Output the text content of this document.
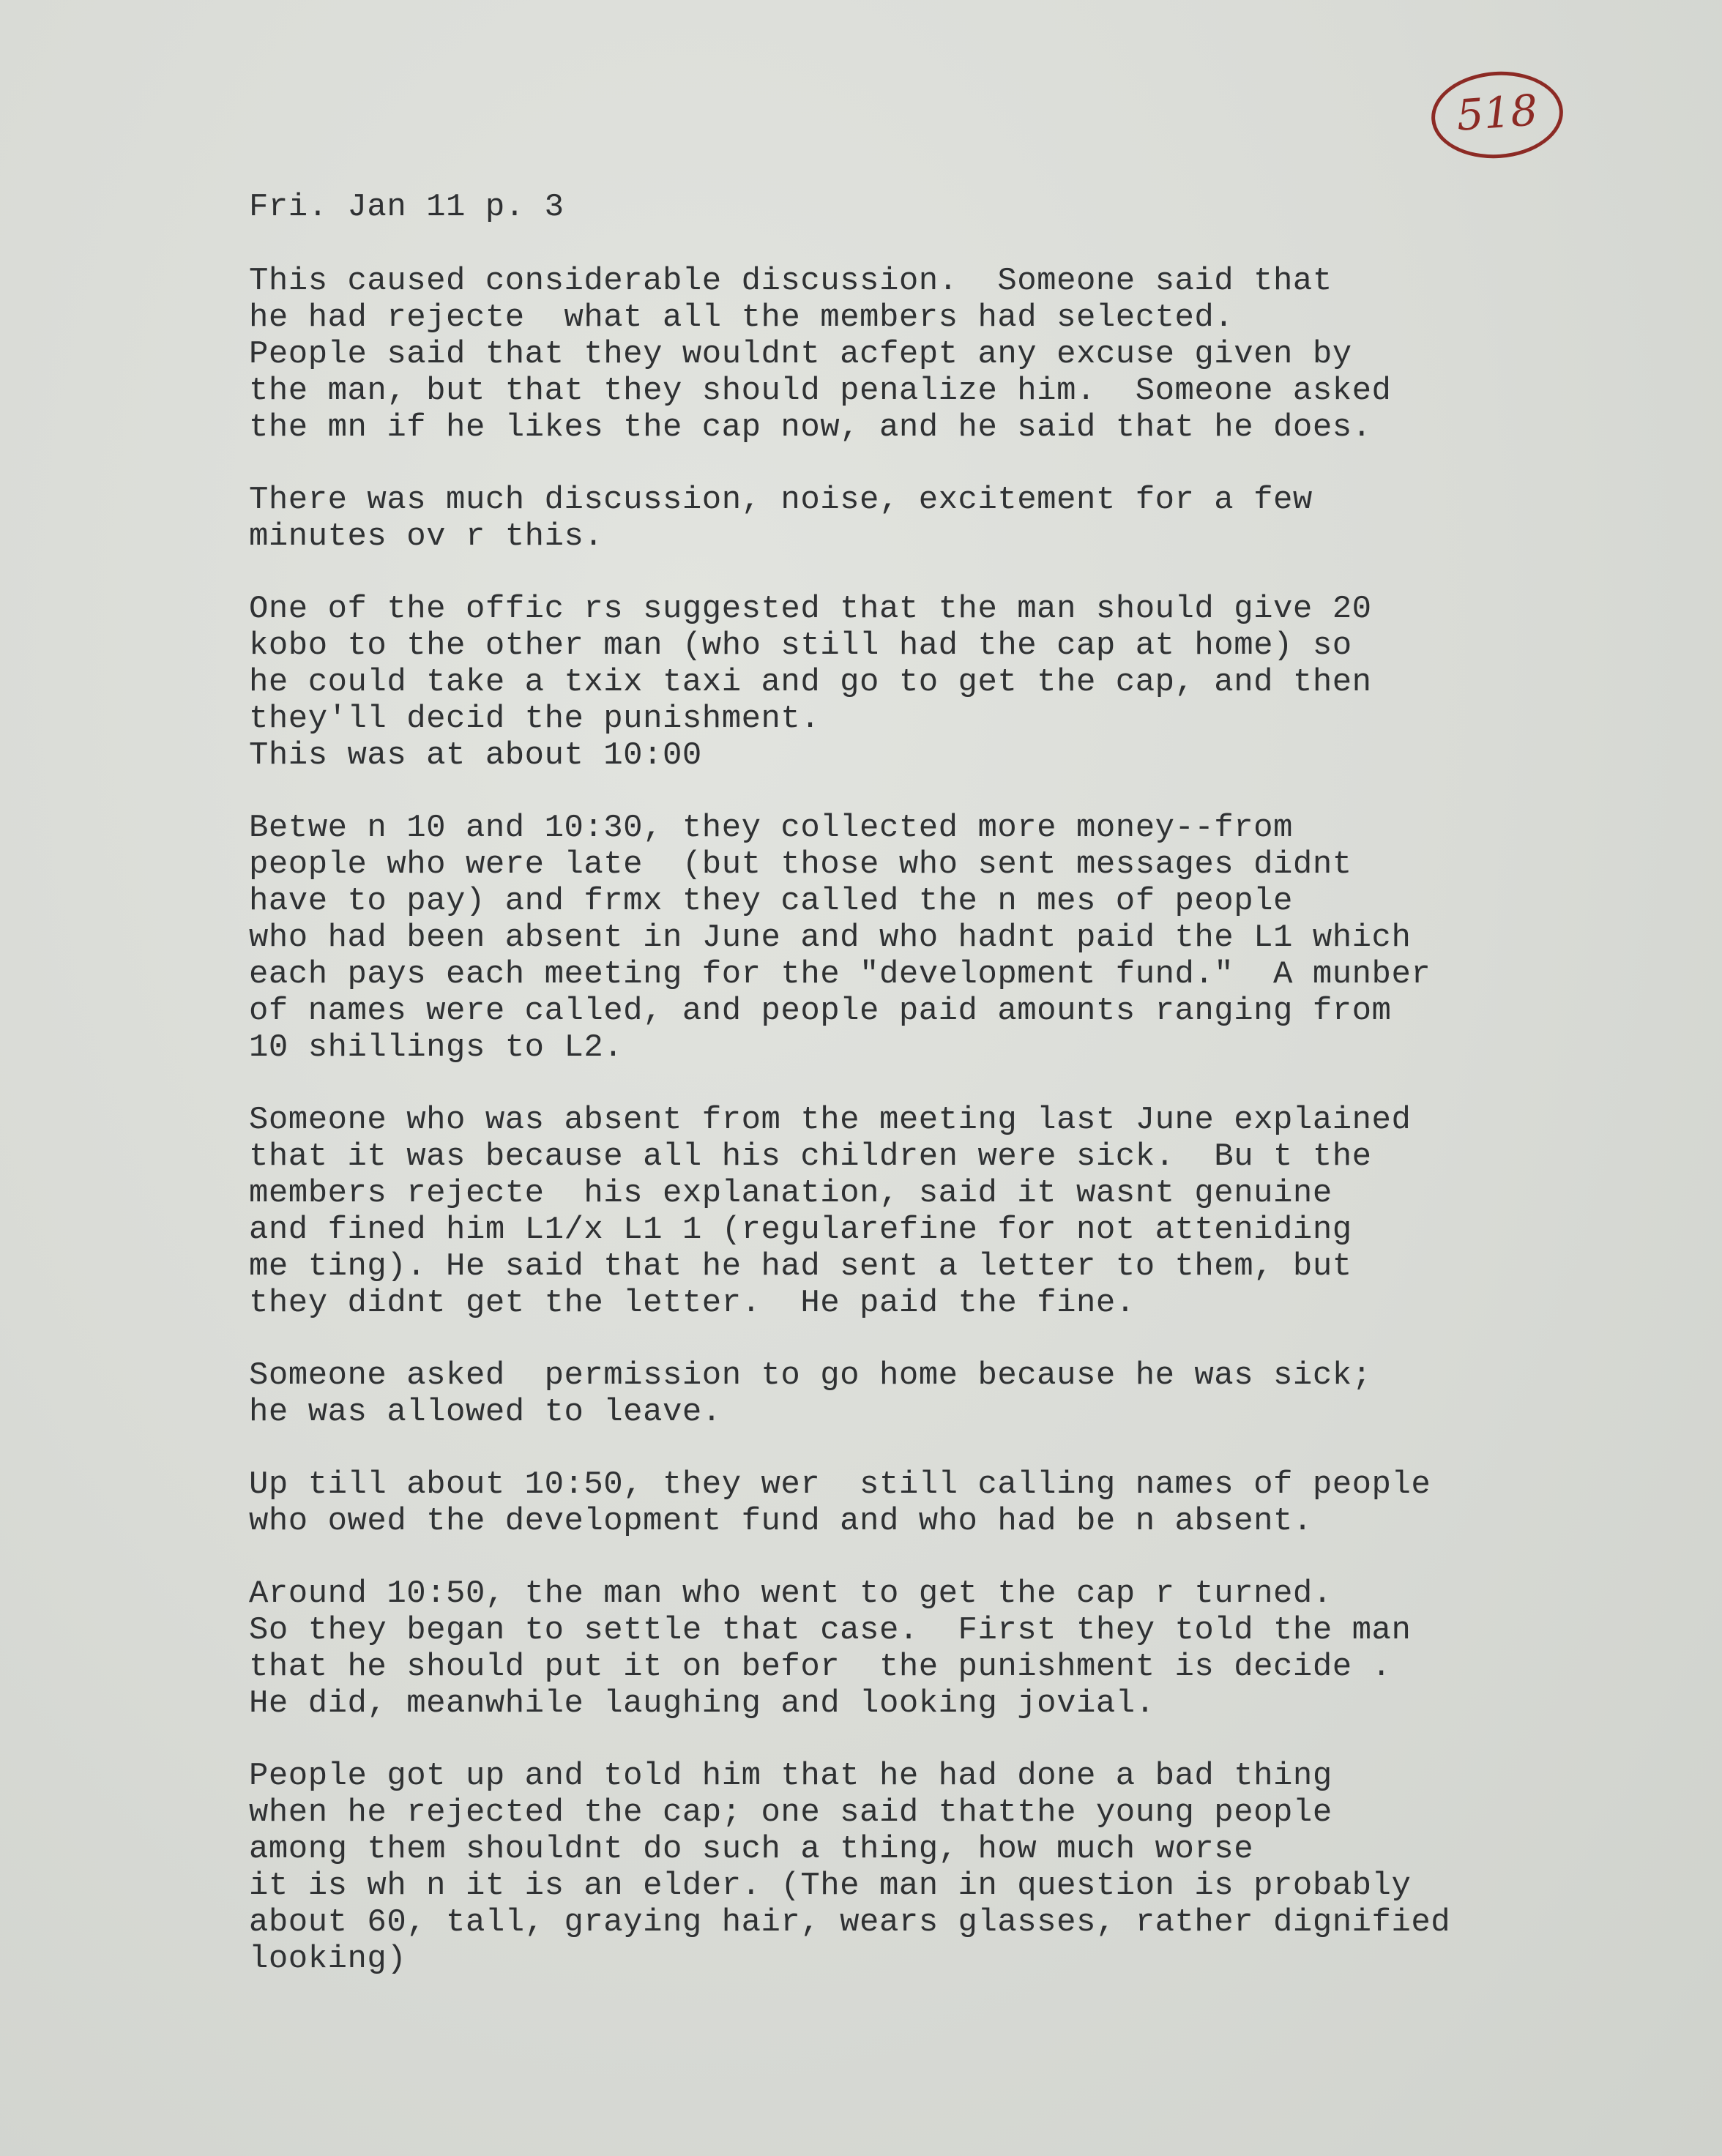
518
Fri. Jan 11 p. 3
This caused considerable discussion.  Someone said that
he had rejecte  what all the members had selected.
People said that they wouldnt acfept any excuse given by
the man, but that they should penalize him.  Someone asked
the mn if he likes the cap now, and he said that he does.
There was much discussion, noise, excitement for a few
minutes ov r this.
One of the offic rs suggested that the man should give 20
kobo to the other man (who still had the cap at home) so
he could take a txix taxi and go to get the cap, and then
they'll decid the punishment.
This was at about 10:00
Betwe n 10 and 10:30, they collected more money--from
people who were late  (but those who sent messages didnt
have to pay) and frmx they called the n mes of people
who had been absent in June and who hadnt paid the L1 which
each pays each meeting for the "development fund."  A munber
of names were called, and people paid amounts ranging from
10 shillings to L2.
Someone who was absent from the meeting last June explained
that it was because all his children were sick.  Bu t the
members rejecte  his explanation, said it wasnt genuine
and fined him L1/x L1 1 (regularefine for not atteniding
me ting). He said that he had sent a letter to them, but
they didnt get the letter.  He paid the fine.
Someone asked  permission to go home because he was sick;
he was allowed to leave.
Up till about 10:50, they wer  still calling names of people
who owed the development fund and who had be n absent.
Around 10:50, the man who went to get the cap r turned.
So they began to settle that case.  First they told the man
that he should put it on befor  the punishment is decide .
He did, meanwhile laughing and looking jovial.
People got up and told him that he had done a bad thing
when he rejected the cap; one said thatthe young people
among them shouldnt do such a thing, how much worse
it is wh n it is an elder. (The man in question is probably
about 60, tall, graying hair, wears glasses, rather dignified
looking)
